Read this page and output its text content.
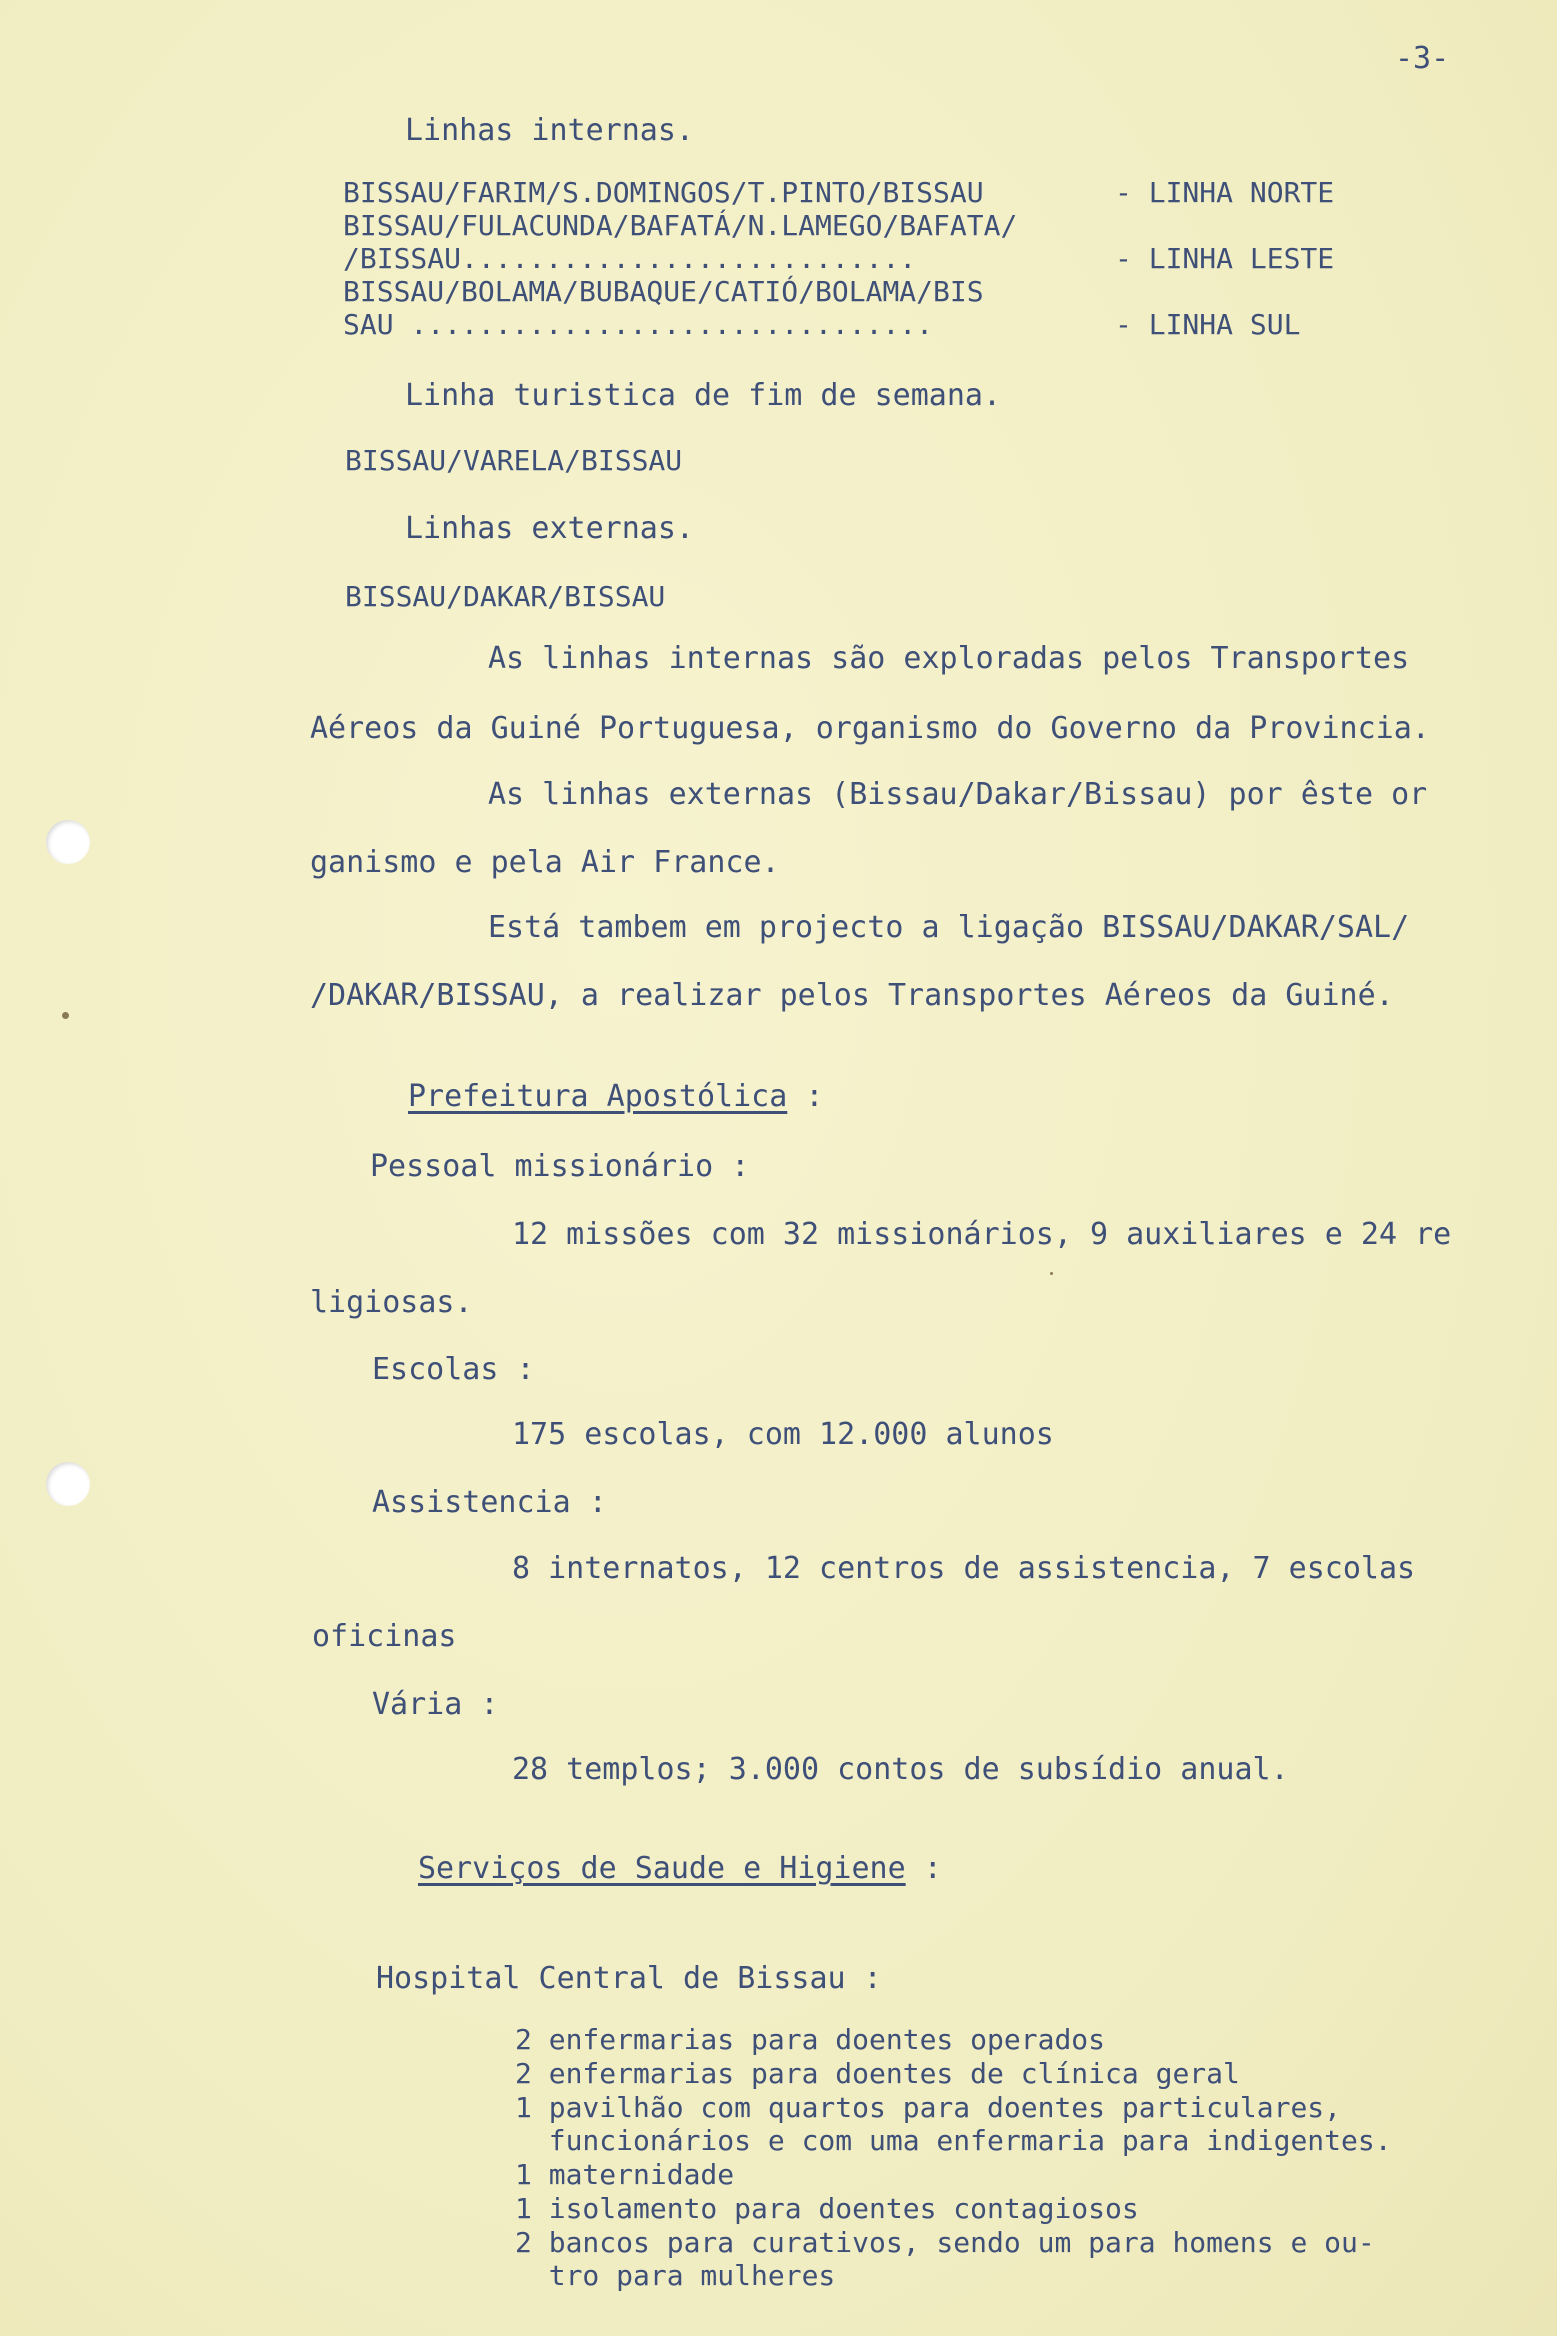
-3-
Linhas internas.
BISSAU/FARIM/S.DOMINGOS/T.PINTO/BISSAU	- LINHA NORTE
BISSAU/FULACUNDA/BAFATÁ/N.LAMEGO/BAFATA/
/BISSAU...........................	- LINHA LESTE
BISSAU/BOLAMA/BUBAQUE/CATIÓ/BOLAMA/BIS
SAU ...............................	- LINHA SUL
Linha turistica de fim de semana.
BISSAU/VARELA/BISSAU
Linhas externas.
BISSAU/DAKAR/BISSAU
As linhas internas são exploradas pelos Transportes
Aéreos da Guiné Portuguesa, organismo do Governo da Provincia.
As linhas externas (Bissau/Dakar/Bissau) por êste or
ganismo e pela Air France.
Está tambem em projecto a ligação BISSAU/DAKAR/SAL/
/DAKAR/BISSAU, a realizar pelos Transportes Aéreos da Guiné.
Prefeitura Apostólica :
Pessoal missionário :
12 missões com 32 missionários, 9 auxiliares e 24 re
ligiosas.
Escolas :
175 escolas, com 12.000 alunos
Assistencia :
8 internatos, 12 centros de assistencia, 7 escolas
oficinas
Vária :
28 templos; 3.000 contos de subsídio anual.
Serviços de Saude e Higiene :
Hospital Central de Bissau :
2 enfermarias para doentes operados
2 enfermarias para doentes de clínica geral
1 pavilhão com quartos para doentes particulares,
funcionários e com uma enfermaria para indigentes.
1 maternidade
1 isolamento para doentes contagiosos
2 bancos para curativos, sendo um para homens e ou-
tro para mulheres
